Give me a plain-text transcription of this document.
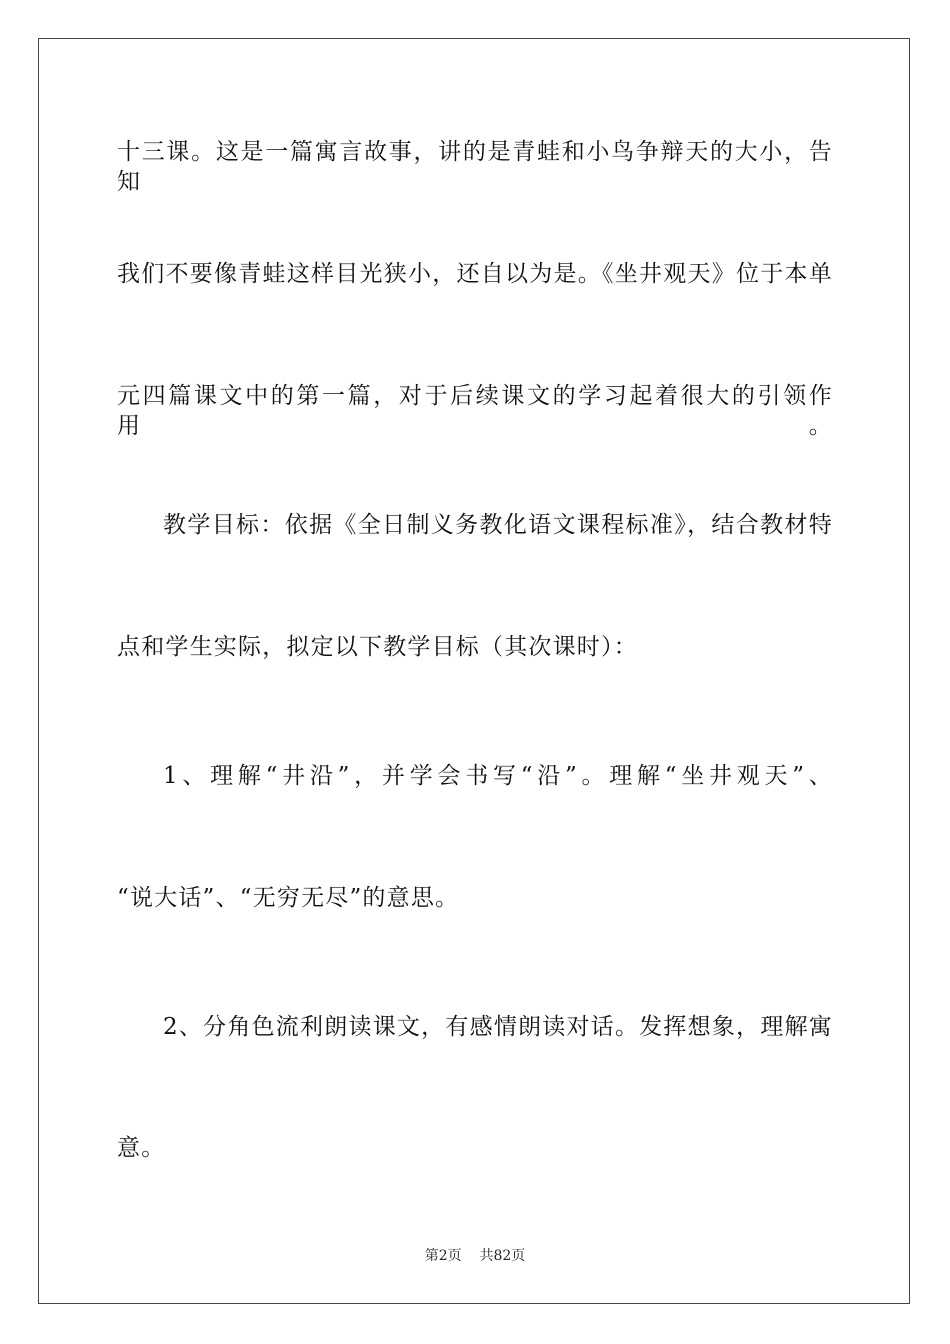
十三课。这是一篇寓言故事，讲的是青蛙和小鸟争辩天的大小，告知
我们不要像青蛙这样目光狭小，还自以为是。《坐井观天》位于本单
元四篇课文中的第一篇，对于后续课文的学习起着很大的引领作用。
教学目标：依据《全日制义务教化语文课程标准》，结合教材特
点和学生实际，拟定以下教学目标（其次课时）：
1、理解“井沿”，并学会书写“沿”。理解“坐井观天”、
“说大话”、“无穷无尽”的意思。
2、分角色流利朗读课文，有感情朗读对话。发挥想象，理解寓
意。
第2页    共82页
